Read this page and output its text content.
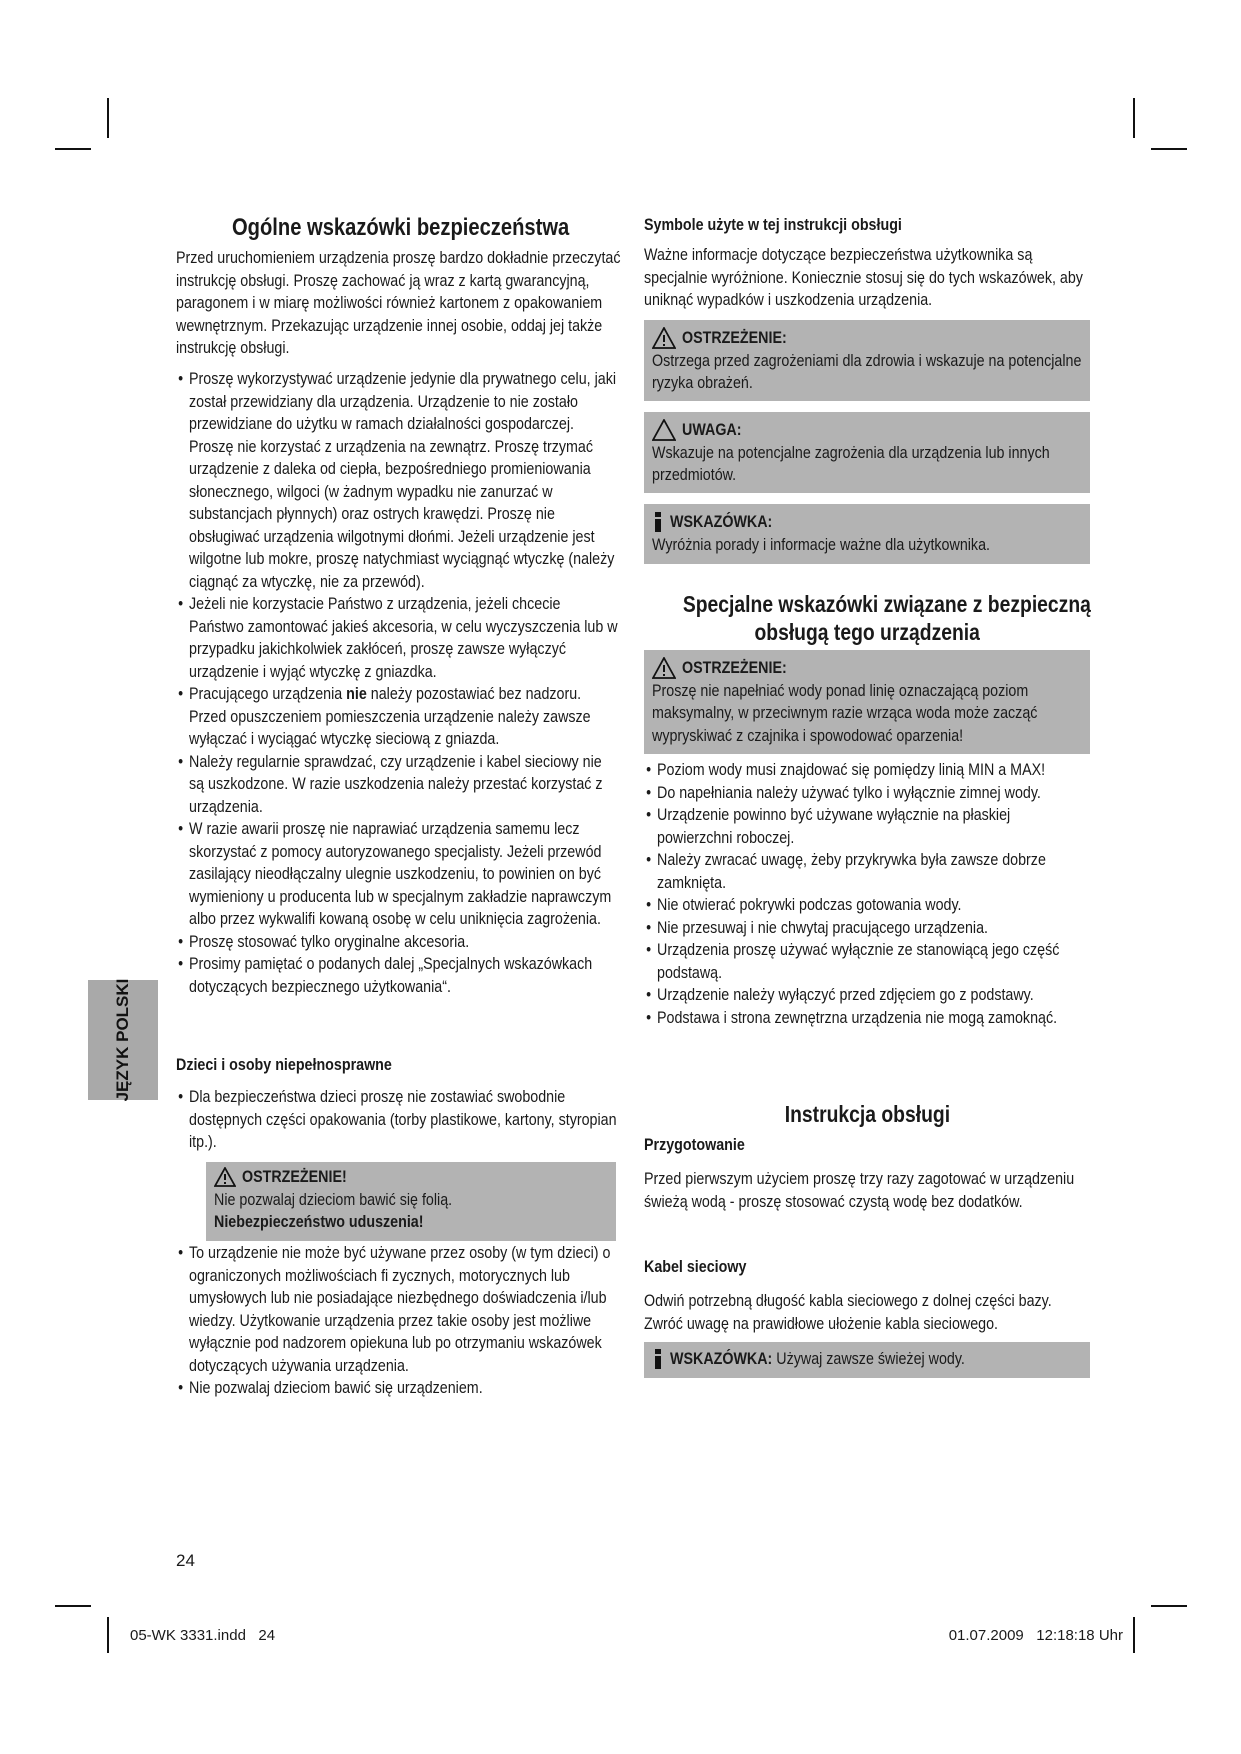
JĘZYK POLSKI
Ogólne wskazówki bezpieczeństwa

Przed uruchomieniem urządzenia proszę bardzo dokładnie przeczytać instrukcję obsługi. Proszę zachować ją wraz z kartą gwarancyjną, paragonem i w miarę możliwości również kartonem z opakowaniem wewnętrznym. Przekazując urządzenie innej osobie, oddaj jej także instrukcję obsługi.

• Proszę wykorzystywać urządzenie jedynie dla prywatnego celu, jaki został przewidziany dla urządzenia. Urządzenie to nie zostało przewidziane do użytku w ramach działalności gospodarczej. Proszę nie korzystać z urządzenia na zewnątrz. Proszę trzymać urządzenie z daleka od ciepła, bezpośredniego promieniowania słonecznego, wilgoci (w żadnym wypadku nie zanurzać w substancjach płynnych) oraz ostrych krawędzi. Proszę nie obsługiwać urządzenia wilgotnymi dłońmi. Jeżeli urządzenie jest wilgotne lub mokre, proszę natychmiast wyciągnąć wtyczkę (należy ciągnąć za wtyczkę, nie za przewód).
• Jeżeli nie korzystacie Państwo z urządzenia, jeżeli chcecie Państwo zamontować jakieś akcesoria, w celu wyczyszczenia lub w przypadku jakichkolwiek zakłóceń, proszę zawsze wyłączyć urządzenie i wyjąć wtyczkę z gniazdka.
• Pracującego urządzenia nie należy pozostawiać bez nadzoru. Przed opuszczeniem pomieszczenia urządzenie należy zawsze wyłączać i wyciągać wtyczkę sieciową z gniazda.
• Należy regularnie sprawdzać, czy urządzenie i kabel sieciowy nie są uszkodzone. W razie uszkodzenia należy przestać korzystać z urządzenia.
• W razie awarii proszę nie naprawiać urządzenia samemu lecz skorzystać z pomocy autoryzowanego specjalisty. Jeżeli przewód zasilający nieodłączalny ulegnie uszkodzeniu, to powinien on być wymieniony u producenta lub w specjalnym zakładzie naprawczym albo przez wykwalifi kowaną osobę w celu uniknięcia zagrożenia.
• Proszę stosować tylko oryginalne akcesoria.
• Prosimy pamiętać o podanych dalej „Specjalnych wskazówkach dotyczących bezpiecznego użytkowania“.
Dzieci i osoby niepełnosprawne
• Dla bezpieczeństwa dzieci proszę nie zostawiać swobodnie dostępnych części opakowania (torby plastikowe, kartony, styropian itp.).
OSTRZEŻENIE!
Nie pozwalaj dzieciom bawić się folią.
Niebezpieczeństwo uduszenia!
• To urządzenie nie może być używane przez osoby (w tym dzieci) o ograniczonych możliwościach fi zycznych, motorycznych lub umysłowych lub nie posiadające niezbędnego doświadczenia i/lub wiedzy. Użytkowanie urządzenia przez takie osoby jest możliwe wyłącznie pod nadzorem opiekuna lub po otrzymaniu wskazówek dotyczących używania urządzenia.
• Nie pozwalaj dzieciom bawić się urządzeniem.
Symbole użyte w tej instrukcji obsługi

Ważne informacje dotyczące bezpieczeństwa użytkownika są specjalnie wyróżnione. Koniecznie stosuj się do tych wskazówek, aby uniknąć wypadków i uszkodzenia urządzenia.

OSTRZEŻENIE:
Ostrzega przed zagrożeniami dla zdrowia i wskazuje na potencjalne ryzyka obrażeń.
UWAGA:
Wskazuje na potencjalne zagrożenia dla urządzenia lub innych przedmiotów.
WSKAZÓWKA:
Wyróżnia porady i informacje ważne dla użytkownika.
Specjalne wskazówki związane z bezpieczną
obsługą tego urządzenia
OSTRZEŻENIE:
Proszę nie napełniać wody ponad linię oznaczającą poziom maksymalny, w przeciwnym razie wrząca woda może zacząć wypryskiwać z czajnika i spowodować oparzenia!
• Poziom wody musi znajdować się pomiędzy linią MIN a MAX!
• Do napełniania należy używać tylko i wyłącznie zimnej wody.
• Urządzenie powinno być używane wyłącznie na płaskiej powierzchni roboczej.
• Należy zwracać uwagę, żeby przykrywka była zawsze dobrze zamknięta.
• Nie otwierać pokrywki podczas gotowania wody.
• Nie przesuwaj i nie chwytaj pracującego urządzenia.
• Urządzenia proszę używać wyłącznie ze stanowiącą jego część podstawą.
• Urządzenie należy wyłączyć przed zdjęciem go z podstawy.
• Podstawa i strona zewnętrzna urządzenia nie mogą zamoknąć.
Instrukcja obsługi
Przygotowanie

Przed pierwszym użyciem proszę trzy razy zagotować w urządzeniu świeżą wodą - proszę stosować czystą wodę bez dodatków.

Kabel sieciowy

Odwiń potrzebną długość kabla sieciowego z dolnej części bazy. Zwróć uwagę na prawidłowe ułożenie kabla sieciowego.

WSKAZÓWKA: Używaj zawsze świeżej wody.
24
05-WK 3331.indd   24	01.07.2009   12:18:18 Uhr
